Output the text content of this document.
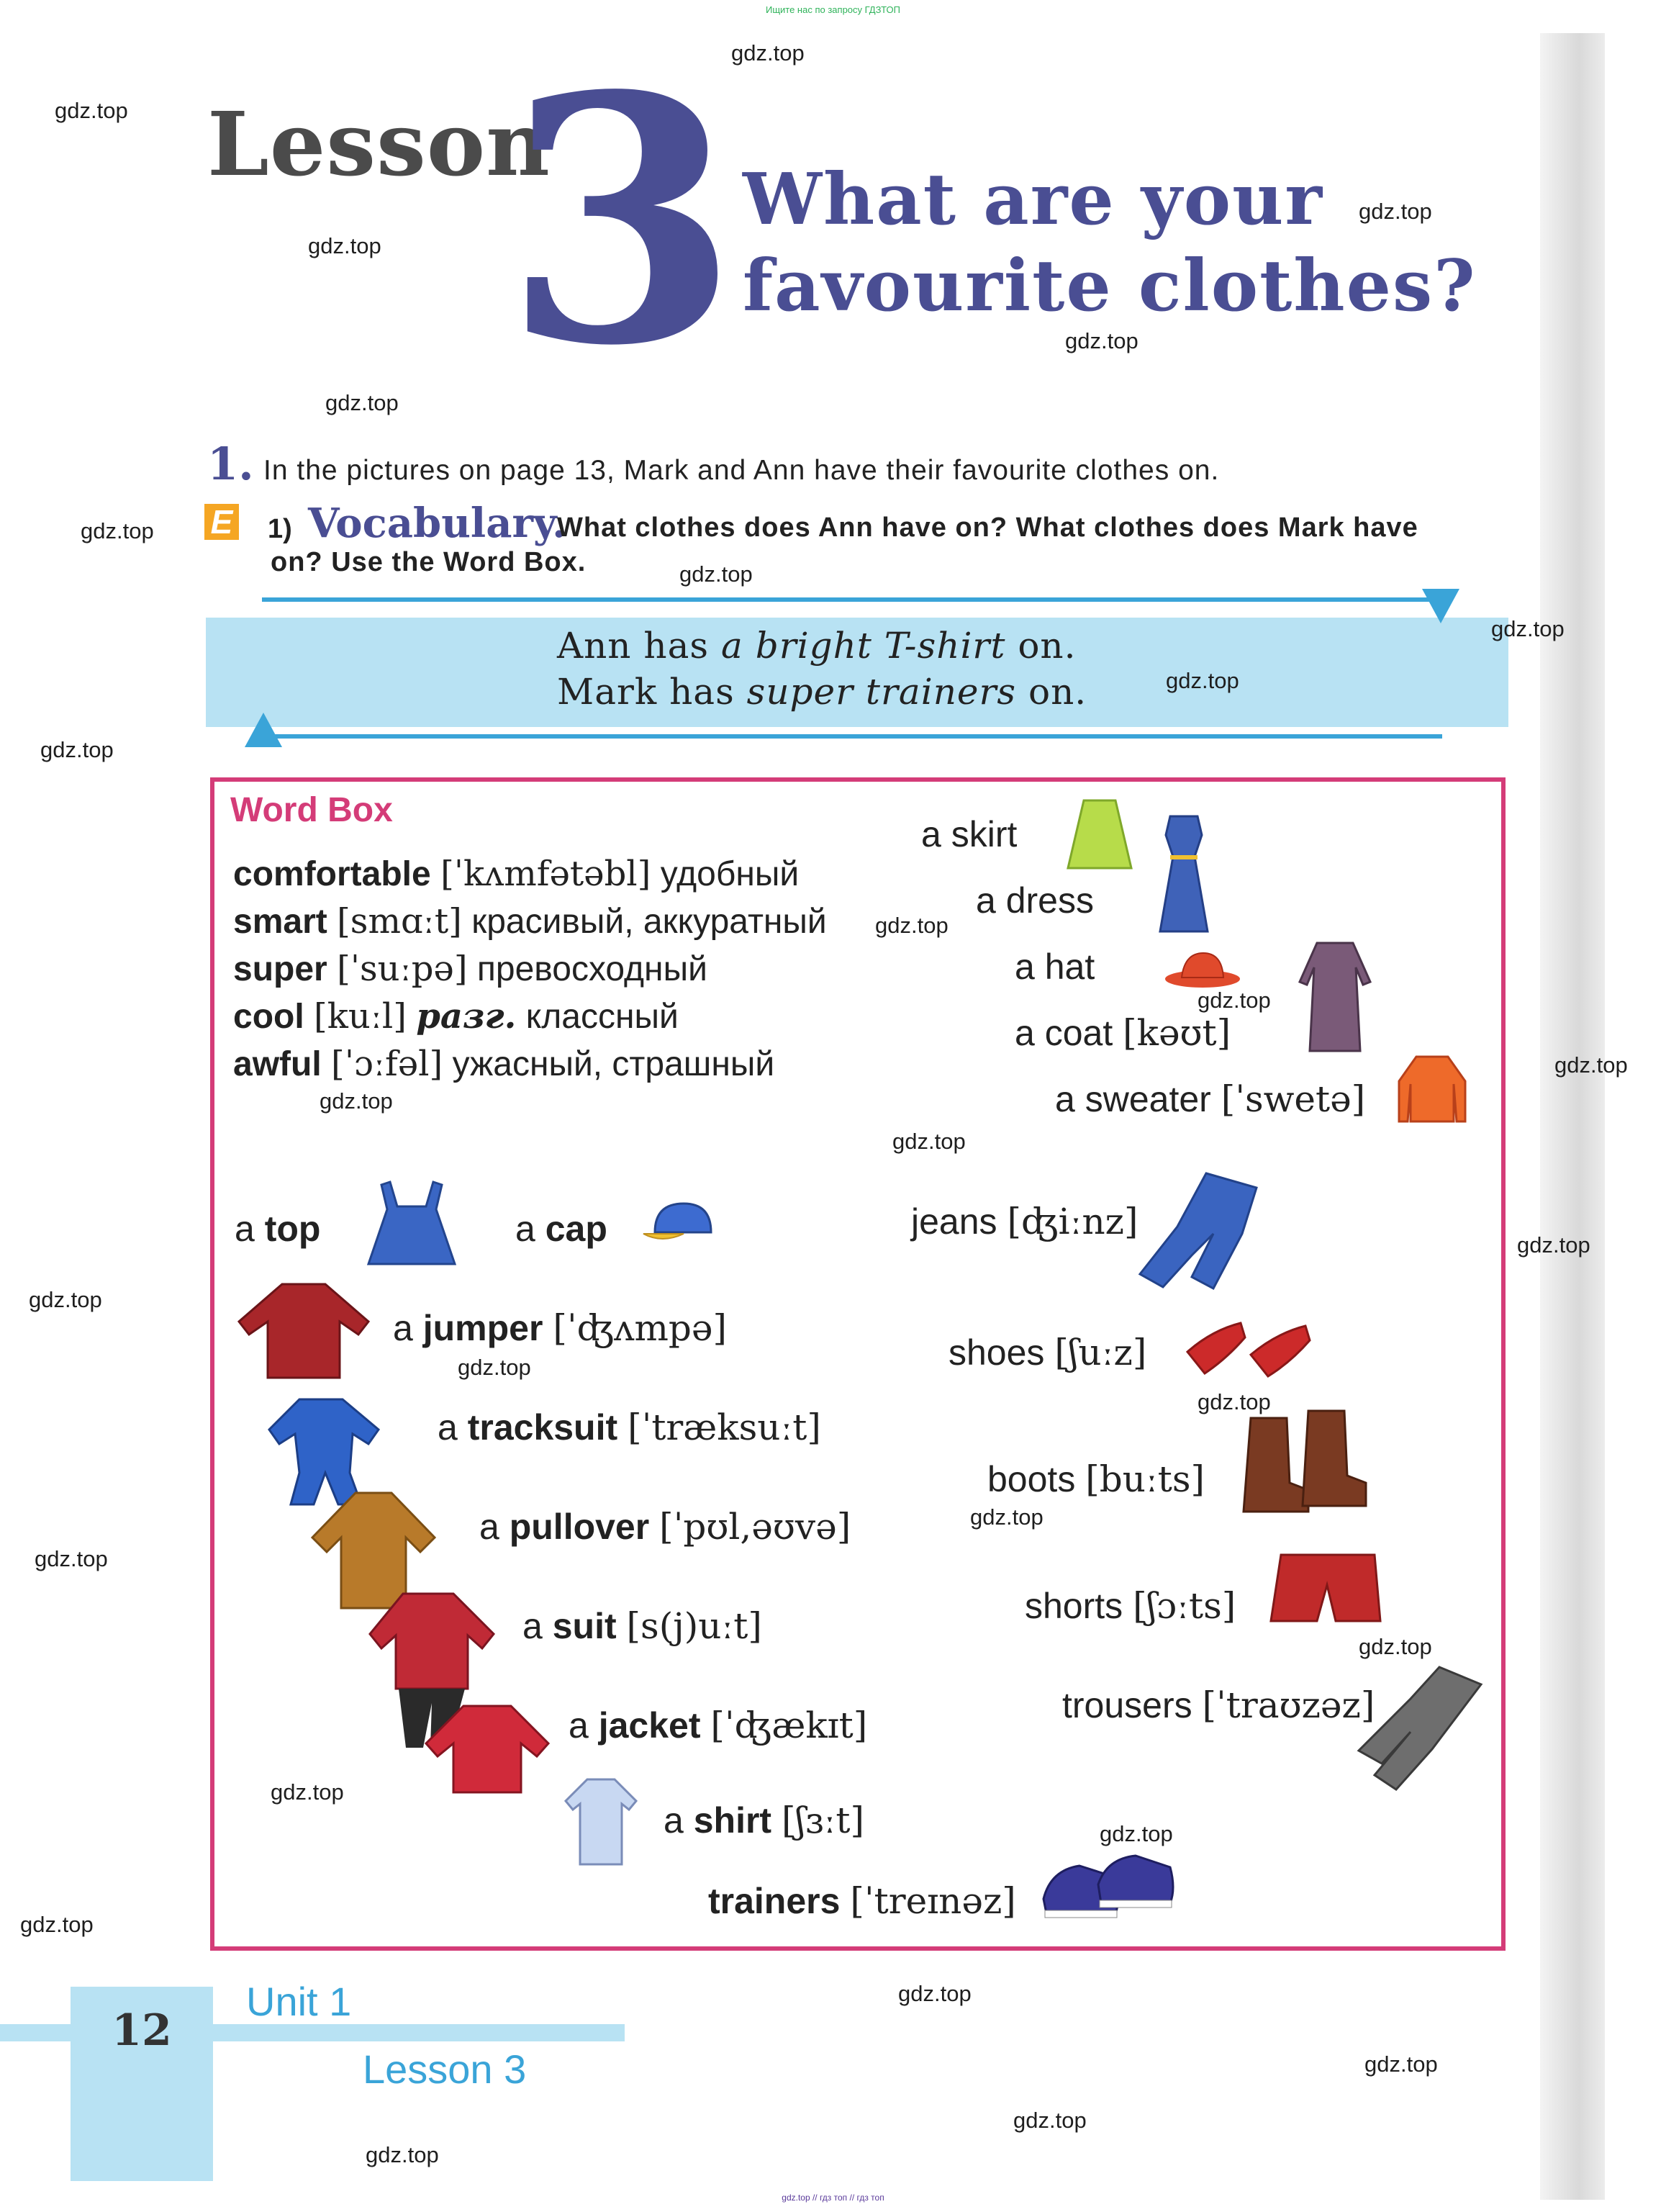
Ищите нас по запросу ГДЗТОП
Lesson
3 What are your
favourite clothes?
1. In the pictures on page 13, Mark and Ann have their favourite clothes on.
E 1) Vocabulary.
What clothes does Ann have on? What clothes does Mark have
on? Use the Word Box.
Ann has a bright T-shirt on.
Mark has super trainers on.
Word Box
comfortable [ˈkʌmfətəbl] удобный
smart [smɑːt] красивый, аккуратный
super [ˈsuːpə] превосходный
cool [kuːl] разг. классный
awful [ˈɔːfəl] ужасный, страшный
a skirt
a dress
a hat
a coat [kəʊt]
a sweater [ˈswetə]
a top	a cap	jeans [ʤiːnz]
a jumper [ˈʤʌmpə]
shoes [ʃuːz]
a tracksuit [ˈtræksuːt]
boots [buːts]
a pullover [ˈpʊl,əʊvə]
shorts [ʃɔːts]
a suit [s(j)uːt]
trousers [ˈtraʊzəz]
a jacket [ˈʤækɪt]
a shirt [ʃɜːt]
trainers [ˈtreɪnəz]
12
Unit 1
Lesson 3
gdz.top // гдз топ // гдз топ
gdz.top
gdz.top
gdz.top
gdz.top
gdz.top
gdz.top
gdz.top
gdz.top
gdz.top
gdz.top
gdz.top
gdz.top
gdz.top
gdz.top
gdz.top
gdz.top
gdz.top
gdz.top
gdz.top
gdz.top
gdz.top
gdz.top
gdz.top
gdz.top
gdz.top
gdz.top
gdz.top
gdz.top
gdz.top
gdz.top
